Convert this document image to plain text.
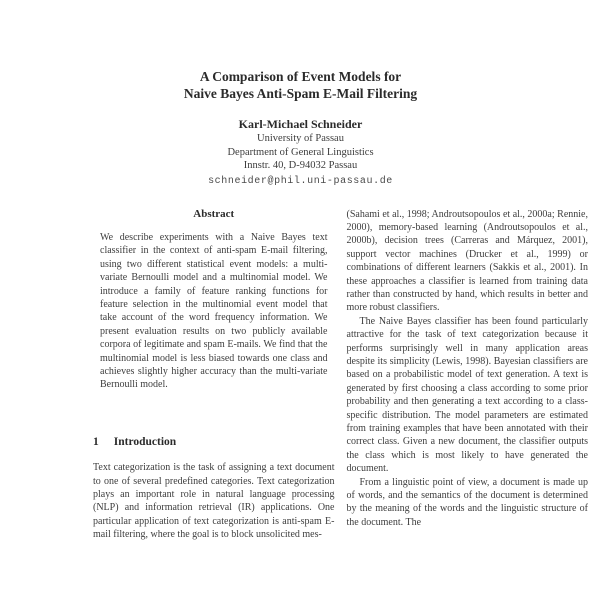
A Comparison of Event Models for
Naive Bayes Anti-Spam E-Mail Filtering
Karl-Michael Schneider
University of Passau
Department of General Linguistics
Innstr. 40, D-94032 Passau
schneider@phil.uni-passau.de
Abstract

We describe experiments with a Naive Bayes text classifier in the context of anti-spam E-mail filtering, using two different statistical event models: a multi-variate Bernoulli model and a multinomial model. We introduce a family of feature ranking functions for feature selection in the multinomial event model that take account of the word frequency information. We present evaluation results on two publicly available corpora of legitimate and spam E-mails. We find that the multinomial model is less biased towards one class and achieves slightly higher accuracy than the multi-variate Bernoulli model.

1 Introduction

Text categorization is the task of assigning a text document to one of several predefined categories. Text categorization plays an important role in natural language processing (NLP) and information retrieval (IR) applications. One particular application of text categorization is anti-spam E-mail filtering, where the goal is to block unsolicited mes-

(Sahami et al., 1998; Androutsopoulos et al., 2000a; Rennie, 2000), memory-based learning (Androutsopoulos et al., 2000b), decision trees (Carreras and Márquez, 2001), support vector machines (Drucker et al., 1999) or combinations of different learners (Sakkis et al., 2001). In these approaches a classifier is learned from training data rather than constructed by hand, which results in better and more robust classifiers.

The Naive Bayes classifier has been found particularly attractive for the task of text categorization because it performs surprisingly well in many application areas despite its simplicity (Lewis, 1998). Bayesian classifiers are based on a probabilistic model of text generation. A text is generated by first choosing a class according to some prior probability and then generating a text according to a class-specific distribution. The model parameters are estimated from training examples that have been annotated with their correct class. Given a new document, the classifier outputs the class which is most likely to have generated the document.

From a linguistic point of view, a document is made up of words, and the semantics of the document is determined by the meaning of the words and the linguistic structure of the document. The
